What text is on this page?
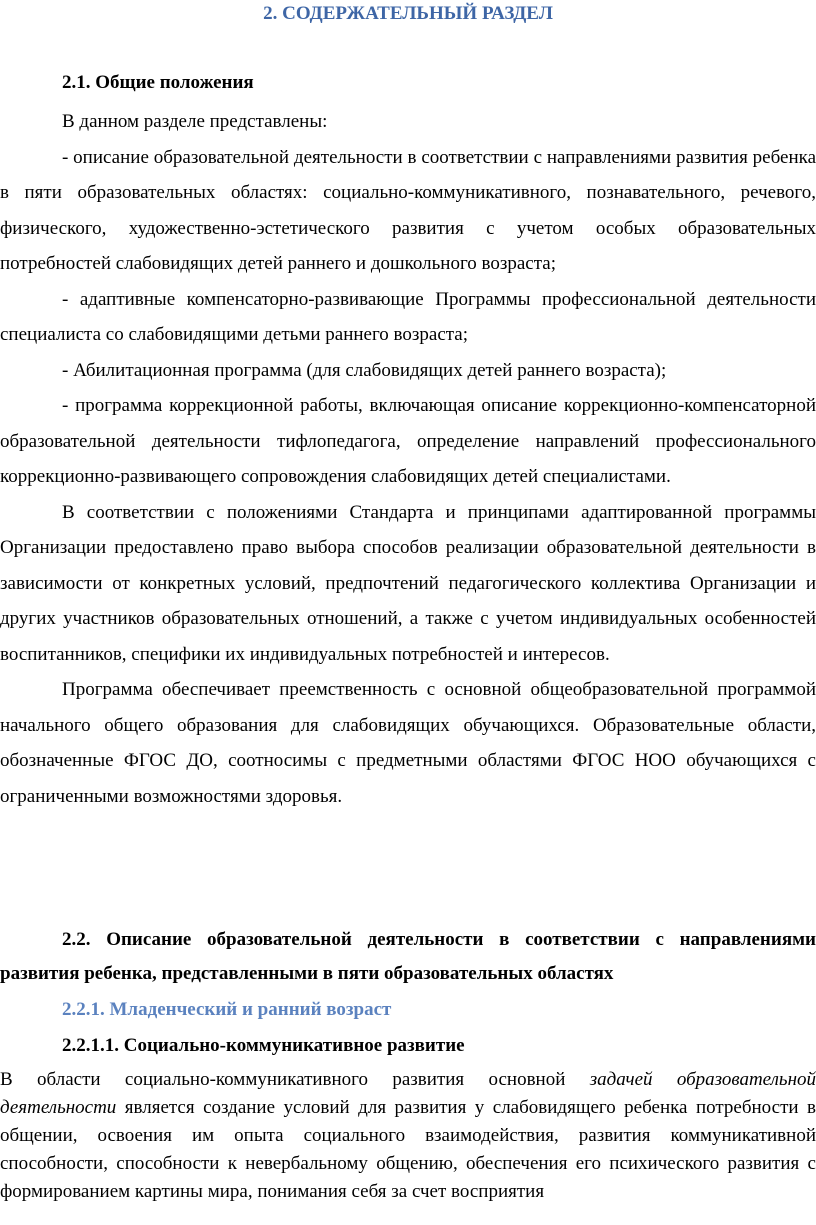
2. СОДЕРЖАТЕЛЬНЫЙ РАЗДЕЛ
2.1. Общие положения

В данном разделе представлены:

- описание образовательной деятельности в соответствии с направлениями развития ребенка в пяти образовательных областях: социально-коммуникативного, познавательного, речевого, физического, художественно-эстетического развития с учетом особых образовательных потребностей слабовидящих детей раннего и дошкольного возраста;

- адаптивные компенсаторно-развивающие Программы профессиональной деятельности специалиста со слабовидящими детьми раннего возраста;

- Абилитационная программа (для слабовидящих детей раннего возраста);

- программа коррекционной работы, включающая описание коррекционно-компенсаторной образовательной деятельности тифлопедагога, определение направлений профессионального коррекционно-развивающего сопровождения слабовидящих детей специалистами.

В соответствии с положениями Стандарта и принципами адаптированной программы Организации предоставлено право выбора способов реализации образовательной деятельности в зависимости от конкретных условий, предпочтений педагогического коллектива Организации и других участников образовательных отношений, а также с учетом индивидуальных особенностей воспитанников, специфики их индивидуальных потребностей и интересов.

Программа обеспечивает преемственность с основной общеобразовательной программой начального общего образования для слабовидящих обучающихся. Образовательные области, обозначенные ФГОС ДО, соотносимы с предметными областями ФГОС НОО обучающихся с ограниченными возможностями здоровья.

2.2. Описание образовательной деятельности в соответствии с направлениями развития ребенка, представленными в пяти образовательных областях
2.2.1. Младенческий и ранний возраст
2.2.1.1. Социально-коммуникативное развитие

В области социально-коммуникативного развития основной задачей образовательной деятельности является создание условий для развития у слабовидящего ребенка потребности в общении, освоения им опыта социального взаимодействия, развития коммуникативной способности, способности к невербальному общению, обеспечения его психического развития с формированием картины мира, понимания себя за счет восприятия
